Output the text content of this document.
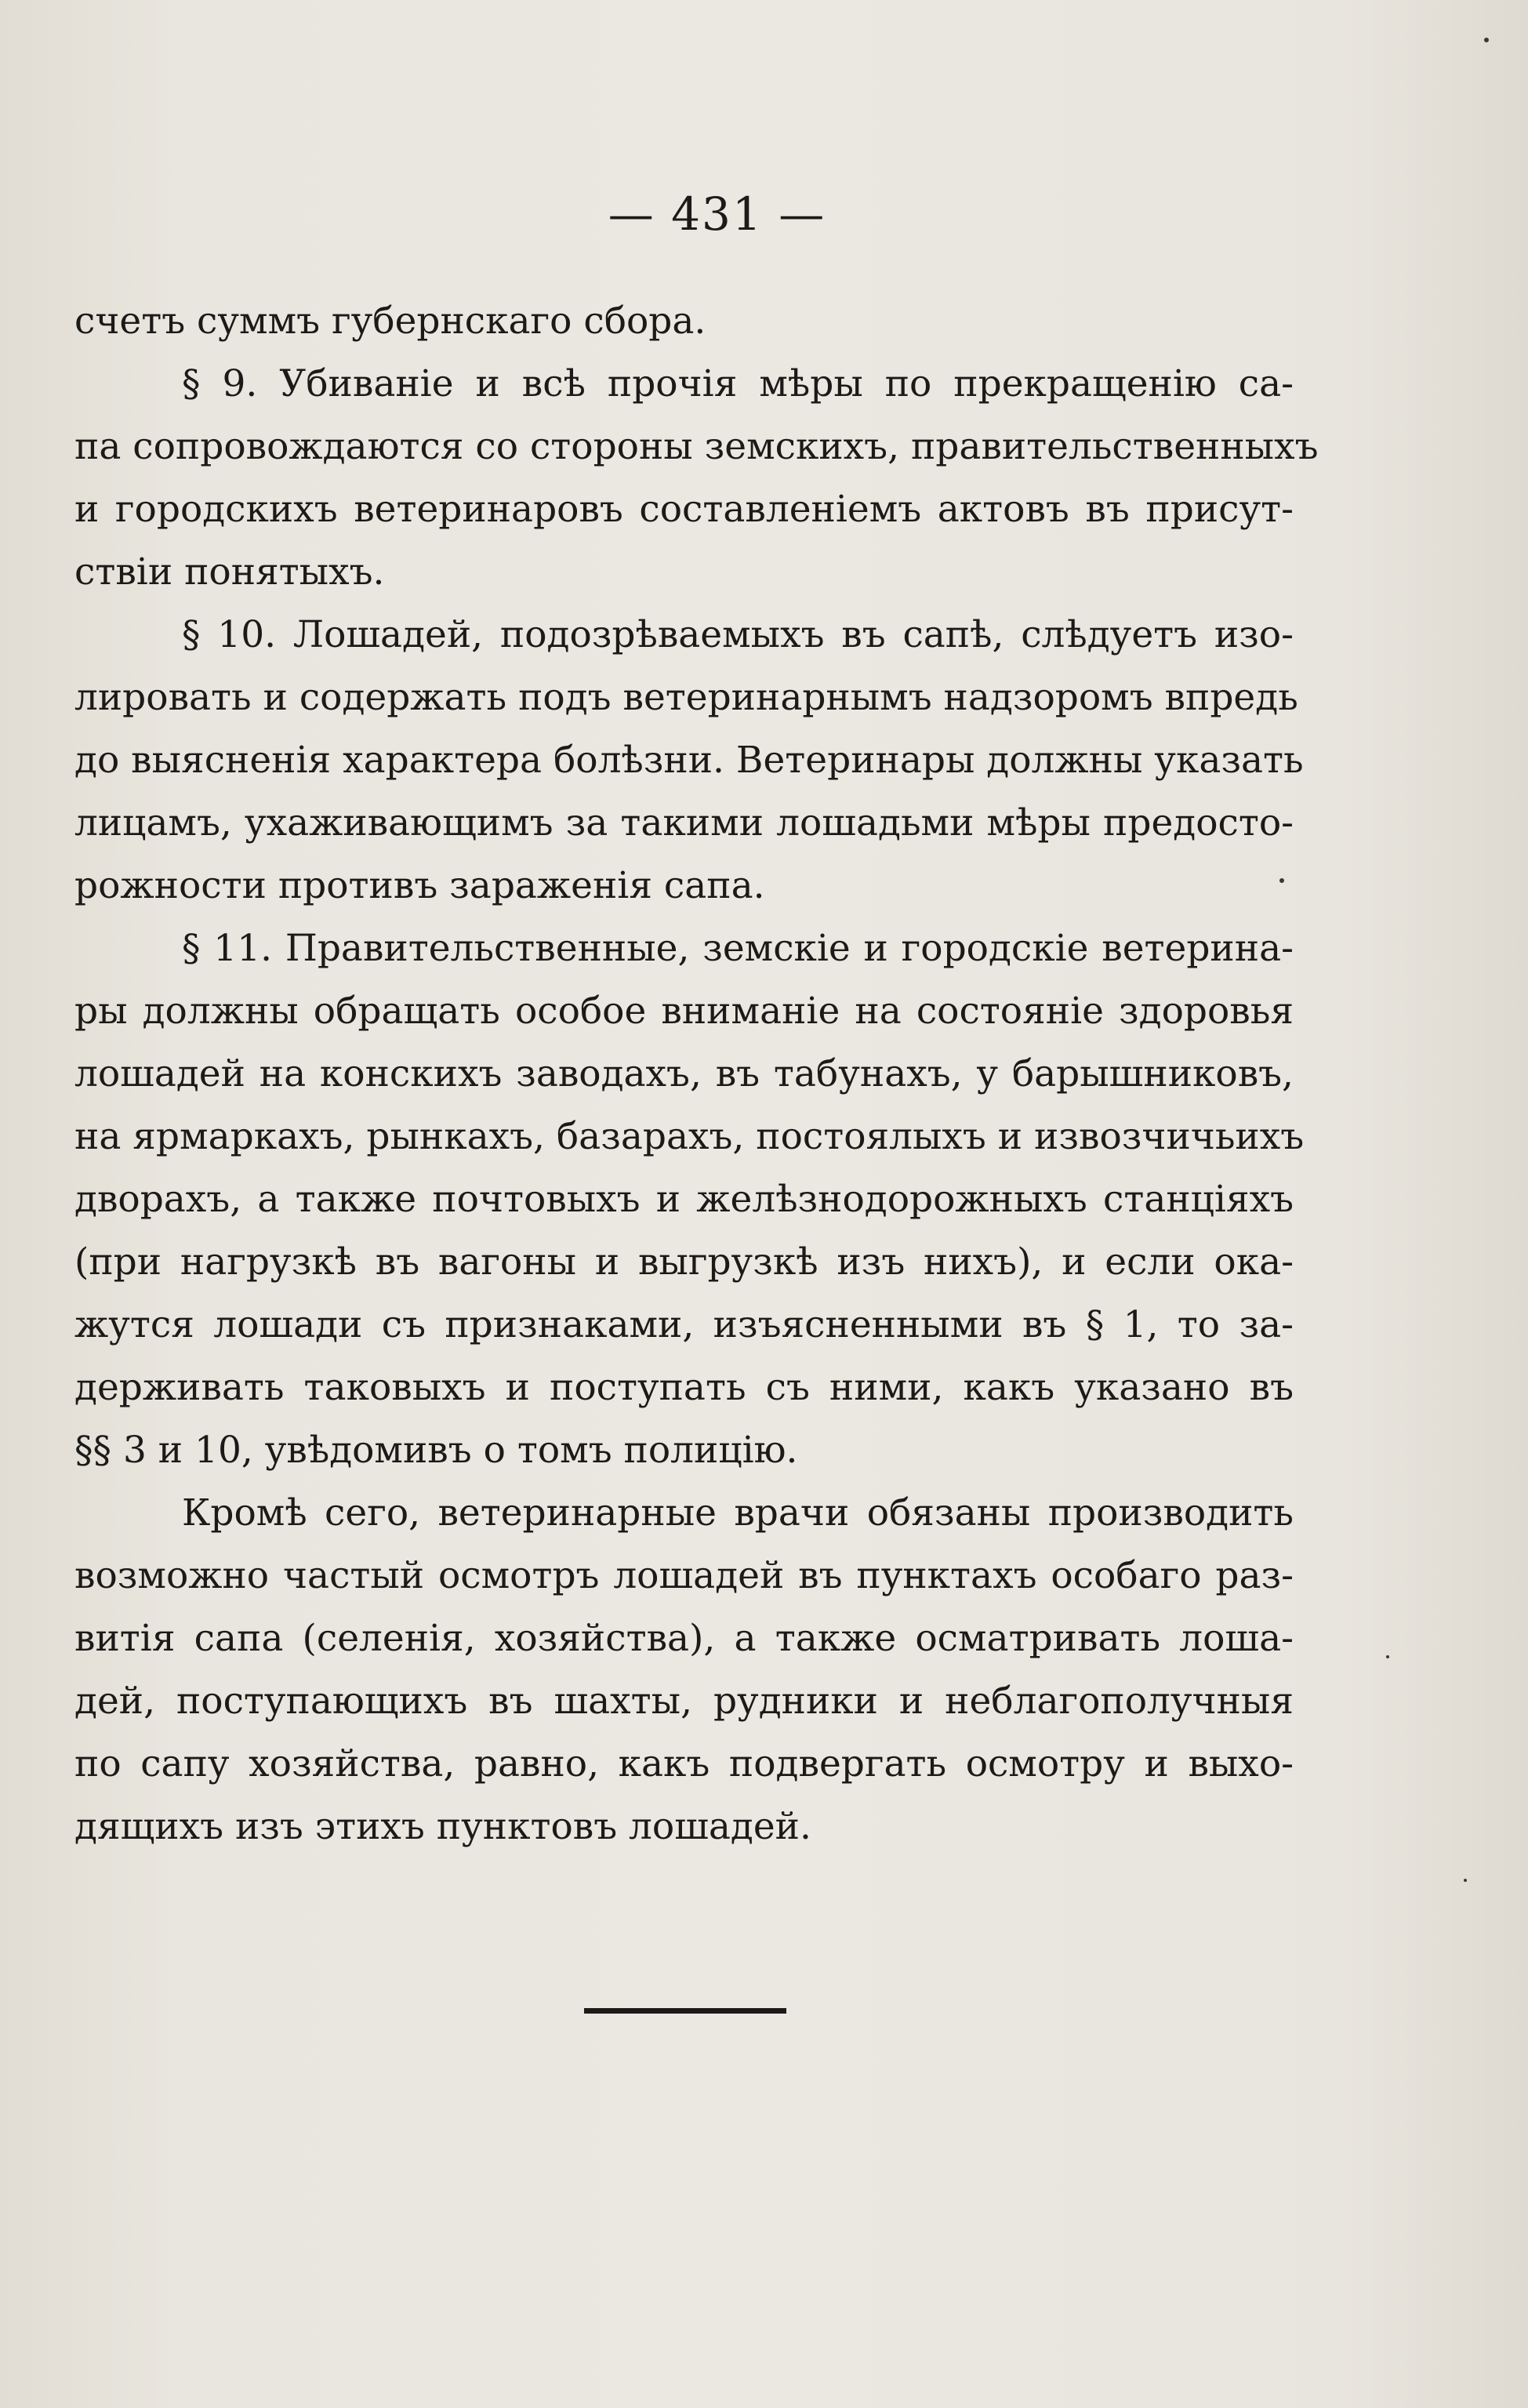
— 431 —
счетъ суммъ губернскаго сбора.
§ 9. Убиванiе и всѣ прочiя мѣры по прекращенiю са-
па сопровождаются со стороны земскихъ, правительственныхъ
и городскихъ ветеринаровъ составленiемъ актовъ въ присут-
ствiи понятыхъ.
§ 10. Лошадей, подозрѣваемыхъ въ сапѣ, слѣдуетъ изо-
лировать и содержать подъ ветеринарнымъ надзоромъ впредь
до выясненiя характера болѣзни. Ветеринары должны указать
лицамъ, ухаживающимъ за такими лошадьми мѣры предосто-
рожности противъ зараженiя сапа.
§ 11. Правительственные, земскiе и городскiе ветерина-
ры должны обращать особое вниманiе на состоянiе здоровья
лошадей на конскихъ заводахъ, въ табунахъ, у барышниковъ,
на ярмаркахъ, рынкахъ, базарахъ, постоялыхъ и извозчичьихъ
дворахъ, а также почтовыхъ и желѣзнодорожныхъ станцiяхъ
(при нагрузкѣ въ вагоны и выгрузкѣ изъ нихъ), и если ока-
жутся лошади съ признаками, изъясненными въ § 1, то за-
держивать таковыхъ и поступать съ ними, какъ указано въ
§§ 3 и 10, увѣдомивъ о томъ полицiю.
Кромѣ сего, ветеринарные врачи обязаны производить
возможно частый осмотръ лошадей въ пунктахъ особаго раз-
витiя сапа (селенiя, хозяйства), а также осматривать лоша-
дей, поступающихъ въ шахты, рудники и неблагополучныя
по сапу хозяйства, равно, какъ подвергать осмотру и выхо-
дящихъ изъ этихъ пунктовъ лошадей.
